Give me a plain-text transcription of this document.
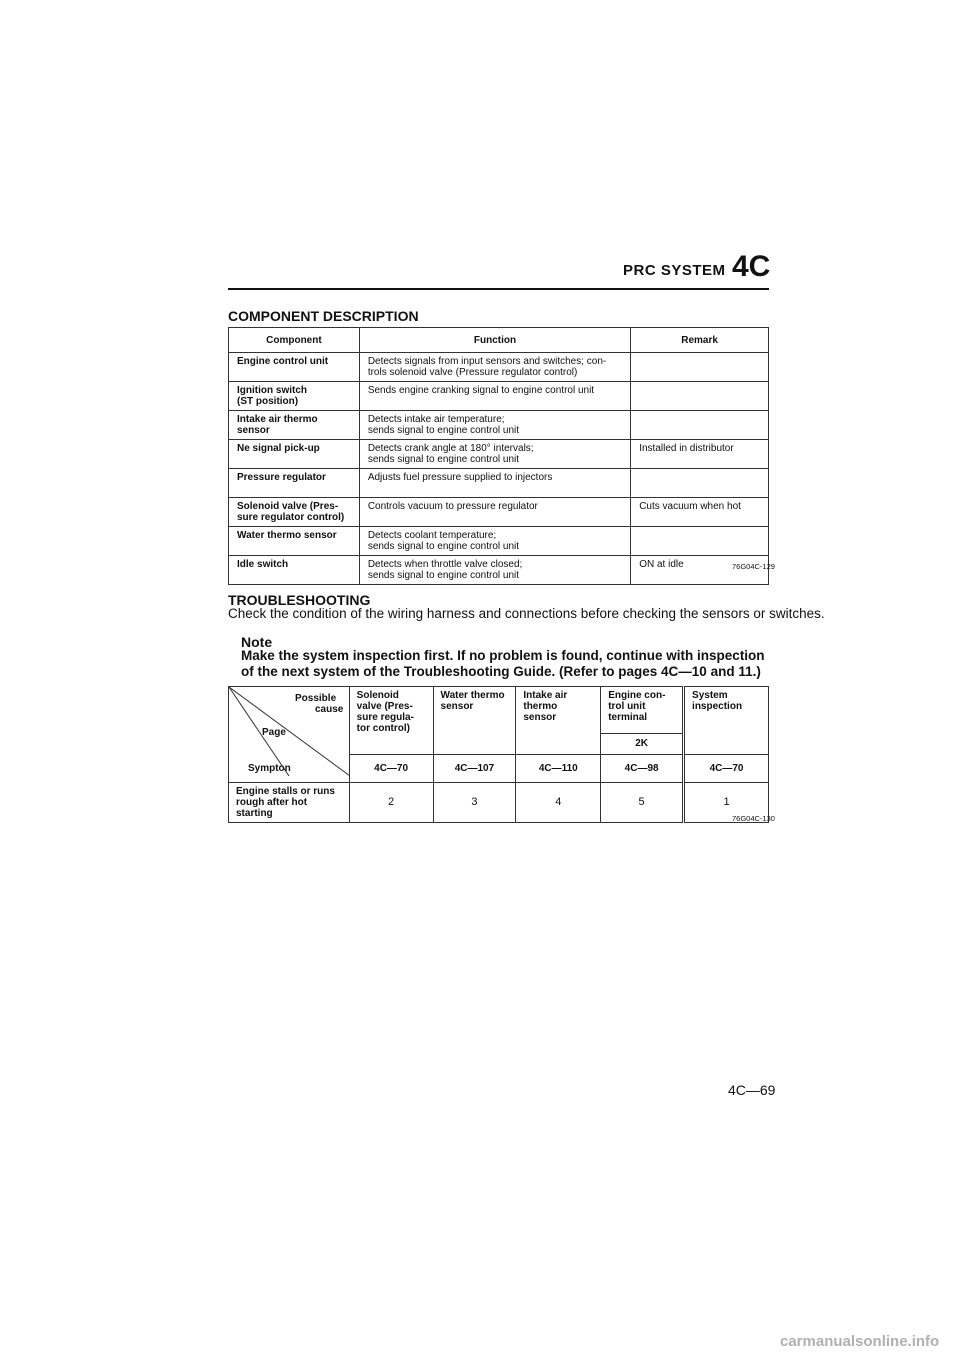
PRC SYSTEM 4C
COMPONENT DESCRIPTION
Component	Function	Remark
Engine control unit	Detects signals from input sensors and switches; con-
trols solenoid valve (Pressure regulator control)	
Ignition switch
(ST position)	Sends engine cranking signal to engine control unit	
Intake air thermo sensor	Detects intake air temperature;
sends signal to engine control unit	
Ne signal pick-up	Detects crank angle at 180° intervals;
sends signal to engine control unit	Installed in distributor
Pressure regulator	Adjusts fuel pressure supplied to injectors	
Solenoid valve (Pres-
sure regulator control)	Controls vacuum to pressure regulator	Cuts vacuum when hot
Water thermo sensor	Detects coolant temperature;
sends signal to engine control unit	
Idle switch	Detects when throttle valve closed;
sends signal to engine control unit	ON at idle	76G04C-129
TROUBLESHOOTING
Check the condition of the wiring harness and connections before checking the sensors or switches.
Note
Make the system inspection first. If no problem is found, continue with inspection of the next system of the Troubleshooting Guide. (Refer to pages 4C—10 and 11.)
Possible
cause
Page
Sympton	Solenoid
valve (Pres-
sure regula-
tor control)	Water thermo
sensor	Intake air
thermo
sensor	Engine con-
trol unit
terminal	System
inspection
				2K	
	4C—70	4C—107	4C—110	4C—98	4C—70
Engine stalls or runs
rough after hot starting	2	3	4	5	1
76G04C-130
4C—69
carmanualsonline.info
